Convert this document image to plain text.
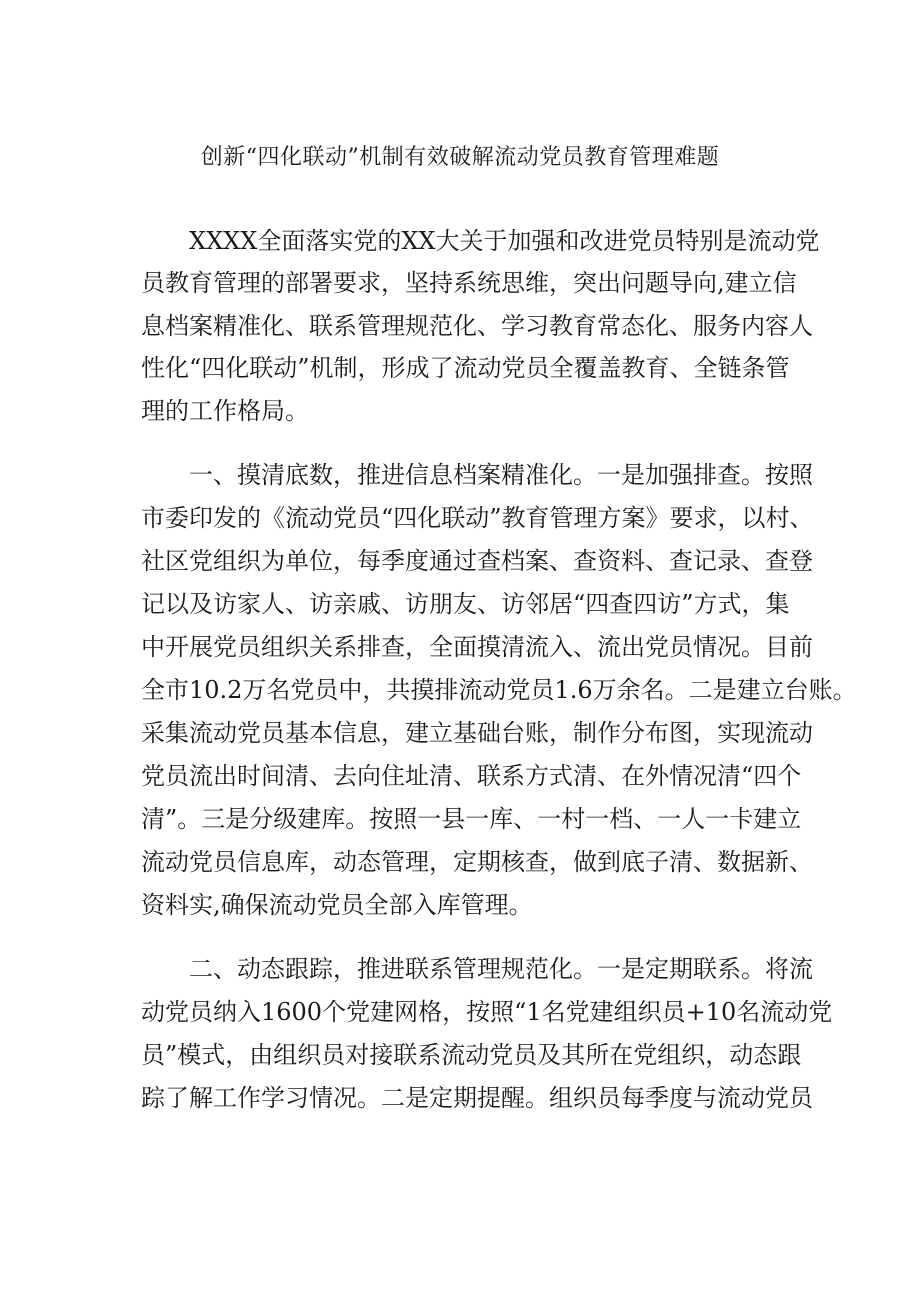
创新“四化联动”机制有效破解流动党员教育管理难题
XXXX全面落实党的XX大关于加强和改进党员特别是流动党
员教育管理的部署要求，坚持系统思维，突出问题导向,建立信
息档案精准化、联系管理规范化、学习教育常态化、服务内容人
性化“四化联动”机制，形成了流动党员全覆盖教育、全链条管
理的工作格局。
一、摸清底数，推进信息档案精准化。一是加强排查。按照
市委印发的《流动党员“四化联动”教育管理方案》要求，以村、
社区党组织为单位，每季度通过查档案、查资料、查记录、查登
记以及访家人、访亲戚、访朋友、访邻居“四查四访”方式，集
中开展党员组织关系排查，全面摸清流入、流出党员情况。目前
全市10.2万名党员中，共摸排流动党员1.6万余名。二是建立台账。
采集流动党员基本信息，建立基础台账，制作分布图，实现流动
党员流出时间清、去向住址清、联系方式清、在外情况清“四个
清”。三是分级建库。按照一县一库、一村一档、一人一卡建立
流动党员信息库，动态管理，定期核查，做到底子清、数据新、
资料实,确保流动党员全部入库管理。
二、动态跟踪，推进联系管理规范化。一是定期联系。将流
动党员纳入1600个党建网格，按照“1名党建组织员+10名流动党
员”模式，由组织员对接联系流动党员及其所在党组织，动态跟
踪了解工作学习情况。二是定期提醒。组织员每季度与流动党员
